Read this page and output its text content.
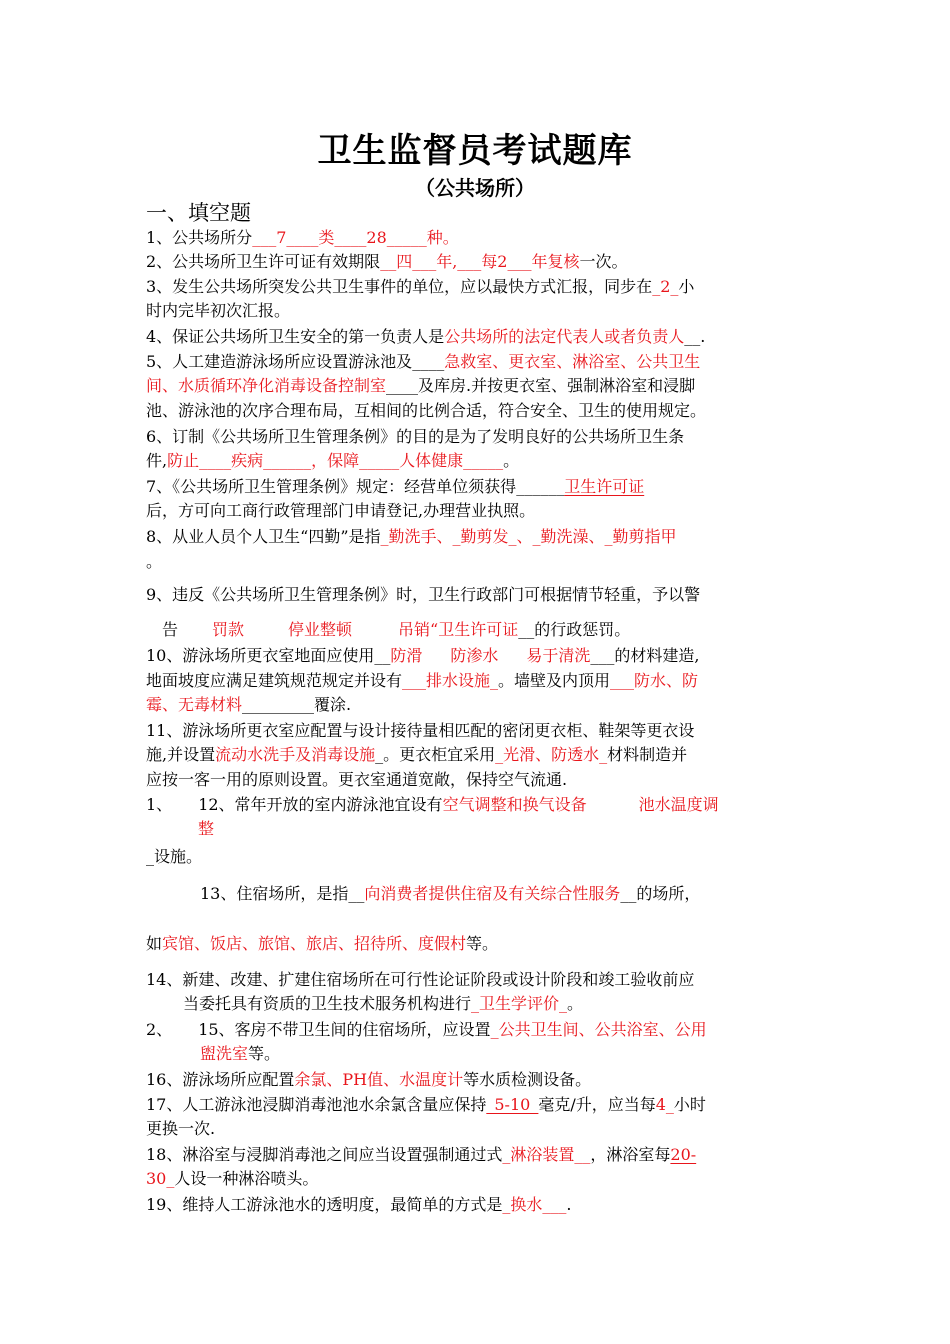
卫生监督员考试题库
（公共场所）
一、填空题
1、公共场所分___7____类____28_____种。
2、公共场所卫生许可证有效期限__四___年,___每2___年复核一次。
3、发生公共场所突发公共卫生事件的单位，应以最快方式汇报，同步在_2_小
时内完毕初次汇报。
4、保证公共场所卫生安全的第一负责人是公共场所的法定代表人或者负责人__.
5、人工建造游泳场所应设置游泳池及____急救室、更衣室、淋浴室、公共卫生
间、水质循环净化消毒设备控制室____及库房.并按更衣室、强制淋浴室和浸脚
池、游泳池的次序合理布局，互相间的比例合适，符合安全、卫生的使用规定。
6、订制《公共场所卫生管理条例》的目的是为了发明良好的公共场所卫生条
件,防止____疾病______，保障_____人体健康_____。
7、《公共场所卫生管理条例》规定：经营单位须获得______卫生许可证
后，方可向工商行政管理部门申请登记,办理营业执照。
8、从业人员个人卫生“四勤”是指_勤洗手、_勤剪发_、_勤洗澡、_勤剪指甲
。
9、违反《公共场所卫生管理条例》时，卫生行政部门可根据情节轻重，予以警
告 罚款	停业整顿	吊销“卫生许可证__的行政惩罚。
10、游泳场所更衣室地面应使用__防滑 防渗水 易于清洗___的材料建造,
地面坡度应满足建筑规范规定并设有___排水设施_。墙壁及内顶用___防水、防
霉、无毒材料_________覆涂.
11、游泳场所更衣室应配置与设计接待量相匹配的密闭更衣柜、鞋架等更衣设
施,并设置流动水洗手及消毒设施_。更衣柜宜采用_光滑、防透水_材料制造并
应按一客一用的原则设置。更衣室通道宽敞，保持空气流通.
1、 12、常年开放的室内游泳池宜设有空气调整和换气设备	池水温度调
整
_设施。
13、住宿场所，是指__向消费者提供住宿及有关综合性服务__的场所，
如宾馆、饭店、旅馆、旅店、招待所、度假村等。
14、新建、改建、扩建住宿场所在可行性论证阶段或设计阶段和竣工验收前应
当委托具有资质的卫生技术服务机构进行_卫生学评价_。
2、 15、客房不带卫生间的住宿场所，应设置_公共卫生间、公共浴室、公用
盥洗室等。
16、游泳场所应配置余氯、PH值、水温度计等水质检测设备。
17、人工游泳池浸脚消毒池池水余氯含量应保持_5-10_毫克/升，应当每4_小时
更换一次.
18、淋浴室与浸脚消毒池之间应当设置强制通过式_淋浴装置__，淋浴室每20-
30_人设一种淋浴喷头。
19、维持人工游泳池水的透明度，最简单的方式是_换水___.
